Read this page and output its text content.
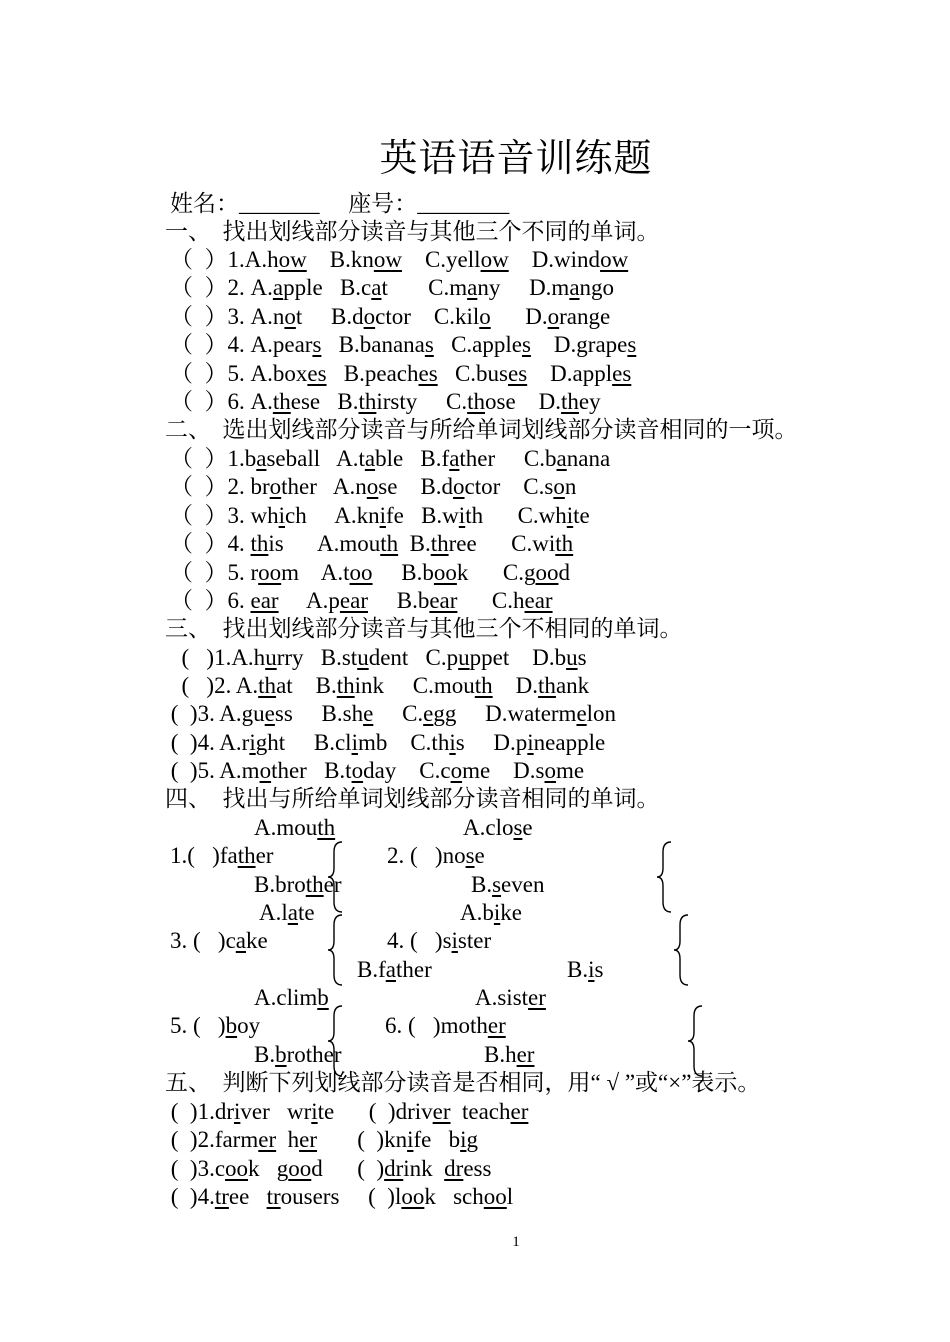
英语语音训练题
姓名：_______     座号：________
一、  找出划线部分读音与其他三个不同的单词。
（  ）1.A.how    B.know    C.yellow    D.window
（  ）2. A.apple   B.cat       C.many     D.mango
（  ）3. A.not     B.doctor    C.kilo      D.orange
（  ）4. A.pears   B.bananas   C.apples    D.grapes
（  ）5. A.boxes   B.peaches   C.buses    D.apples
（  ）6. A.these   B.thirsty     C.those    D.they
二、  选出划线部分读音与所给单词划线部分读音相同的一项。
（  ）1.baseball   A.table   B.father     C.banana
（  ）2. brother   A.nose    B.doctor    C.son
（  ）3. which     A.knife   B.with      C.white
（  ）4. this      A.mouth  B.three      C.with
（  ）5. room    A.too     B.book      C.good
（  ）6. ear     A.pear     B.bear      C.hear
三、  找出划线部分读音与其他三个不相同的单词。
(   )1.A.hurry   B.student   C.puppet    D.bus
(   )2. A.that    B.think     C.mouth    D.thank
(  )3. A.guess     B.she     C.egg     D.watermelon
(  )4. A.right     B.climb    C.this     D.pineapple
(  )5. A.mother   B.today    C.come    D.some
四、  找出与所给单词划线部分读音相同的单词。
A.mouth	A.close
1.(   )father	2. (   )nose
B.brother	B.seven
A.late	A.bike
3. (   )cake	4. (   )sister
B.father	B.is
A.climb	A.sister
5. (   )boy	6. (   )mother
B.brother	B.her
五、  判断下列划线部分读音是否相同，用“ √ ”或“×”表示。
(  )1.driver   write      (  )driver  teacher
(  )2.farmer  her       (  )knife   big
(  )3.cook   good      (  )drink  dress
(  )4.tree   trousers     (  )look   school
1
